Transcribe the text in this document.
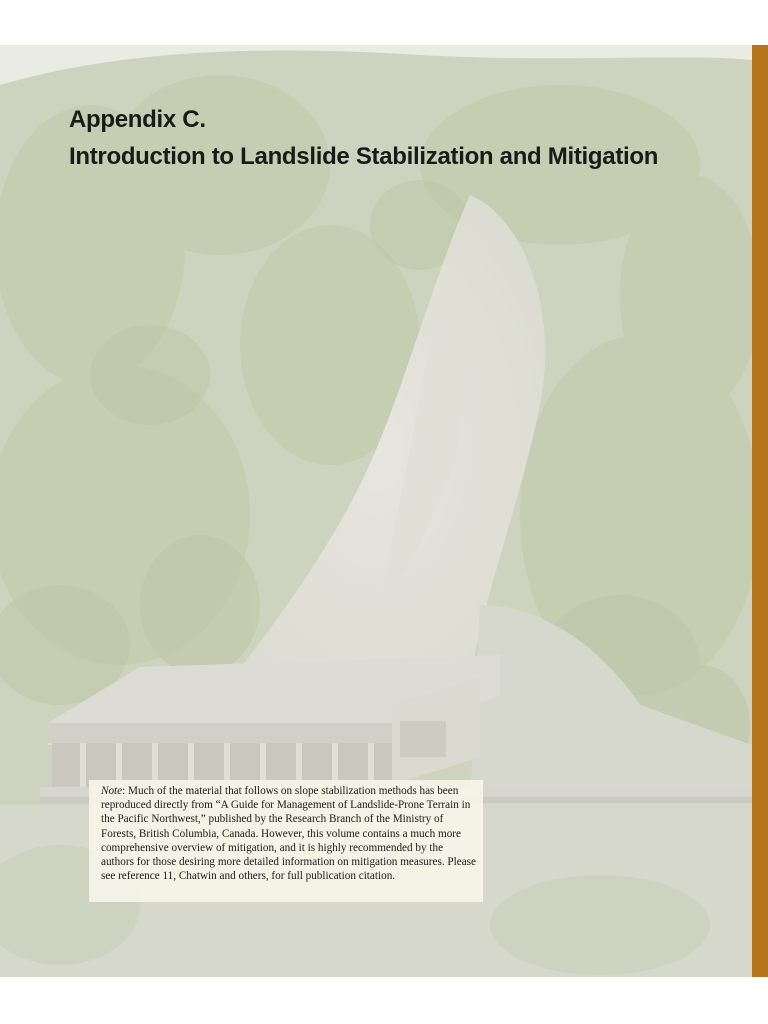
Appendix C.
Introduction to Landslide Stabilization and Mitigation

Note: Much of the material that follows on slope stabilization methods has been reproduced directly from “A Guide for Management of Landslide-Prone Terrain in the Pacific Northwest,” published by the Research Branch of the Ministry of Forests, British Columbia, Canada. However, this volume contains a much more comprehensive overview of mitigation, and it is highly recommended by the authors for those desiring more detailed information on mitigation measures. Please see reference 11, Chatwin and others, for full publication citation.
